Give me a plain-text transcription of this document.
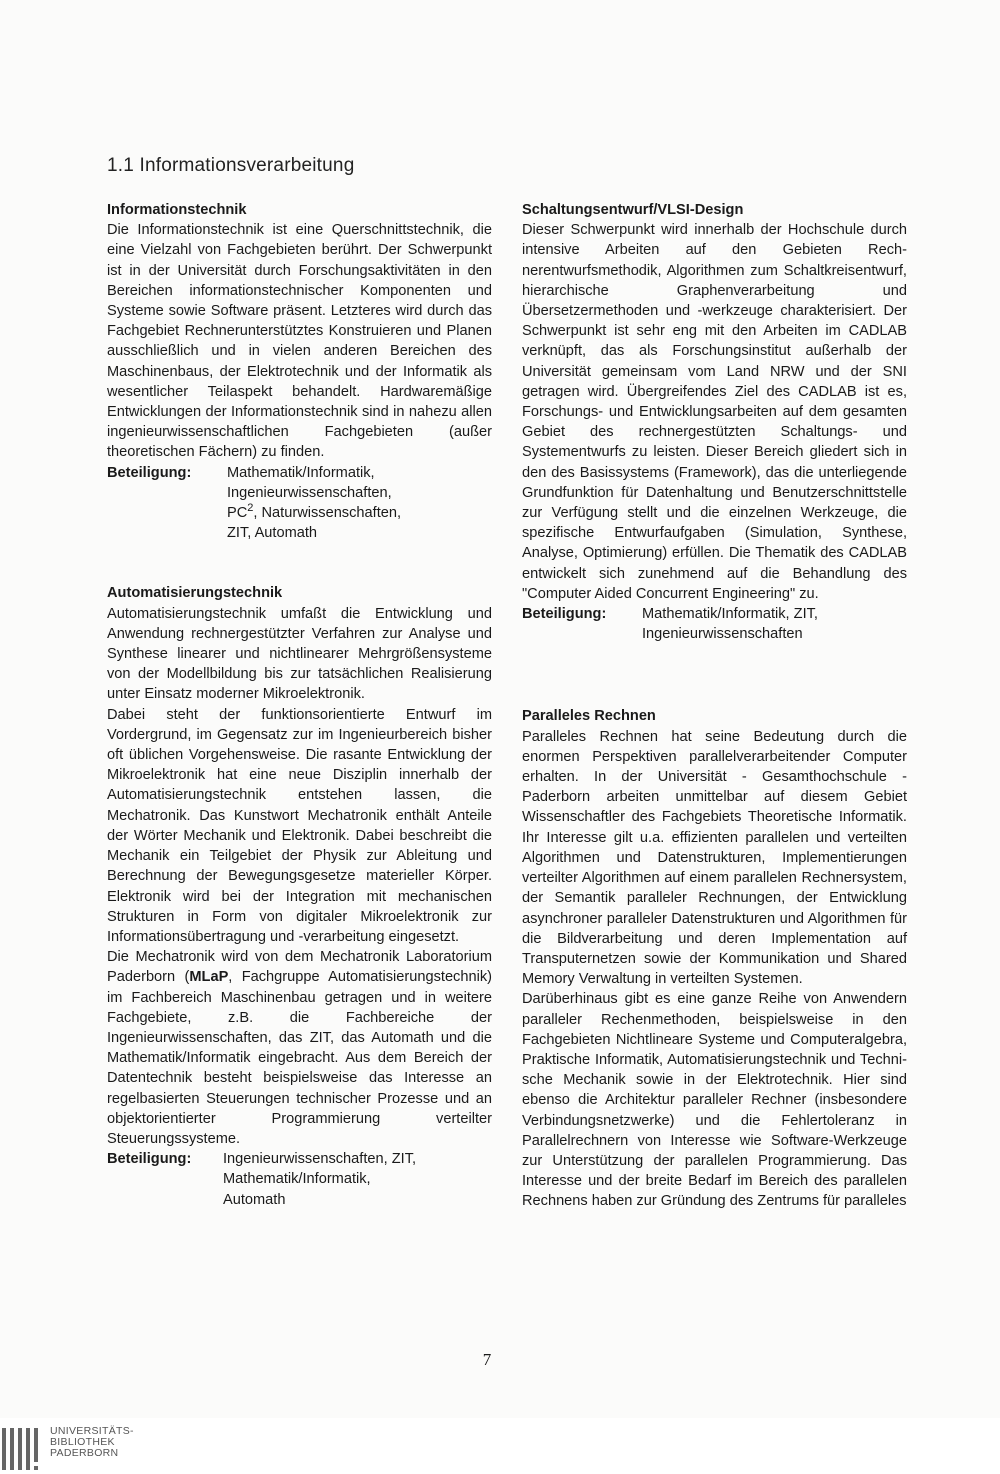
1.1 Informationsverarbeitung

Informationstechnik

Die Informationstechnik ist eine Querschnittstechnik, die eine Vielzahl von Fachgebieten berührt. Der Schwerpunkt ist in der Universität durch Forschungsaktivitäten in den Bereichen informationstechnischer Komponenten und Systeme sowie Software präsent. Letzteres wird durch das Fachgebiet Rechnerunterstütztes Konstruieren und Planen ausschließlich und in vielen anderen Bereichen des Maschinenbaus, der Elektrotechnik und der Informatik als wesentlicher Teilaspekt behandelt. Hardwaremäßige Entwicklungen der Informationstechnik sind in nahezu allen ingenieurwissenschaftlichen Fachgebieten (außer theoretischen Fächern) zu finden.

Beteiligung:	Mathematik/Informatik,
Ingenieurwissenschaften,
$PC^2$, Naturwissenschaften,
ZIT, Automath

Automatisierungstechnik

Automatisierungstechnik umfaßt die Entwicklung und Anwendung rechnergestützter Verfahren zur Analyse und Synthese linearer und nichtlinearer Mehrgrößensysteme von der Modellbildung bis zur tatsächlichen Realisierung unter Einsatz moderner Mikroelektronik.

Dabei steht der funktionsorientierte Entwurf im Vordergrund, im Gegensatz zur im Ingenieurbereich bisher oft üblichen Vorgehensweise. Die rasante Entwicklung der Mikroelektronik hat eine neue Disziplin innerhalb der Automatisierungstechnik entstehen lassen, die Mechatronik. Das Kunstwort Mechatronik enthält Anteile der Wörter Mechanik und Elektronik. Dabei beschreibt die Mechanik ein Teilgebiet der Physik zur Ableitung und Berechnung der Bewegungsgesetze materieller Körper. Elektronik wird bei der Integration mit mechanischen Strukturen in Form von digitaler Mikroelektronik zur Informationsübertragung und -verarbeitung eingesetzt.

Die Mechatronik wird von dem Mechatronik Laboratorium Paderborn (MLaP, Fachgruppe Automatisierungstechnik) im Fachbereich Maschinenbau getragen und in weitere Fachgebiete, z.B. die Fachbereiche der Ingenieurwissenschaften, das ZIT, das Automath und die Mathematik/Informatik eingebracht. Aus dem Bereich der Datentechnik besteht beispielsweise das Interesse an regelbasierten Steuerungen technischer Prozesse und an objektorientierter Programmierung verteilter Steuerungssysteme.

Beteiligung:	Ingenieurwissenschaften, ZIT,
Mathematik/Informatik,
Automath

Schaltungsentwurf/VLSI-Design

Dieser Schwerpunkt wird innerhalb der Hochschule durch intensive Arbeiten auf den Gebieten Rechnerentwurfsmethodik, Algorithmen zum Schaltkreisentwurf, hierarchische Graphenverarbeitung und Übersetzermethoden und -werkzeuge charakterisiert. Der Schwerpunkt ist sehr eng mit den Arbeiten im CADLAB verknüpft, das als Forschungsinstitut außerhalb der Universität gemeinsam vom Land NRW und der SNI getragen wird. Übergreifendes Ziel des CADLAB ist es, Forschungs- und Entwicklungsarbeiten auf dem gesamten Gebiet des rechnergestützten Schaltungs- und Systementwurfs zu leisten. Dieser Bereich gliedert sich in den des Basissystems (Framework), das die unterliegende Grundfunktion für Datenhaltung und Benutzerschnittstelle zur Verfügung stellt und die einzelnen Werkzeuge, die spezifische Entwurfaufgaben (Simulation, Synthese, Analyse, Optimierung) erfüllen. Die Thematik des CADLAB entwickelt sich zunehmend auf die Behandlung des "Computer Aided Concurrent Engineering" zu.

Beteiligung:	Mathematik/Informatik, ZIT,
Ingenieurwissenschaften

Paralleles Rechnen

Paralleles Rechnen hat seine Bedeutung durch die enormen Perspektiven parallelverarbeitender Computer erhalten. In der Universität - Gesamthochschule - Paderborn arbeiten unmittelbar auf diesem Gebiet Wissenschaftler des Fachgebiets Theoretische Informatik. Ihr Interesse gilt u.a. effizienten parallelen und verteilten Algorithmen und Datenstrukturen, Implementierungen verteilter Algorithmen auf einem parallelen Rechnersystem, der Semantik paralleler Rechnungen, der Entwicklung asynchroner paralleler Datenstrukturen und Algorithmen für die Bildverarbeitung und deren Implementation auf Transputernetzen sowie der Kommunikation und Shared Memory Verwaltung in verteilten Systemen.

Darüberhinaus gibt es eine ganze Reihe von Anwendern paralleler Rechenmethoden, beispielsweise in den Fachgebieten Nichtlineare Systeme und Computeralgebra, Praktische Informatik, Automatisierungstechnik und Technische Mechanik sowie in der Elektrotechnik. Hier sind ebenso die Architektur paralleler Rechner (insbesondere Verbindungsnetzwerke) und die Fehlertoleranz in Parallelrechnern von Interesse wie Software-Werkzeuge zur Unterstützung der parallelen Programmierung. Das Interesse und der breite Bedarf im Bereich des parallelen Rechnens haben zur Gründung des Zentrums für paralleles

7
UNIVERSITÄTS-
BIBLIOTHEK
PADERBORN
